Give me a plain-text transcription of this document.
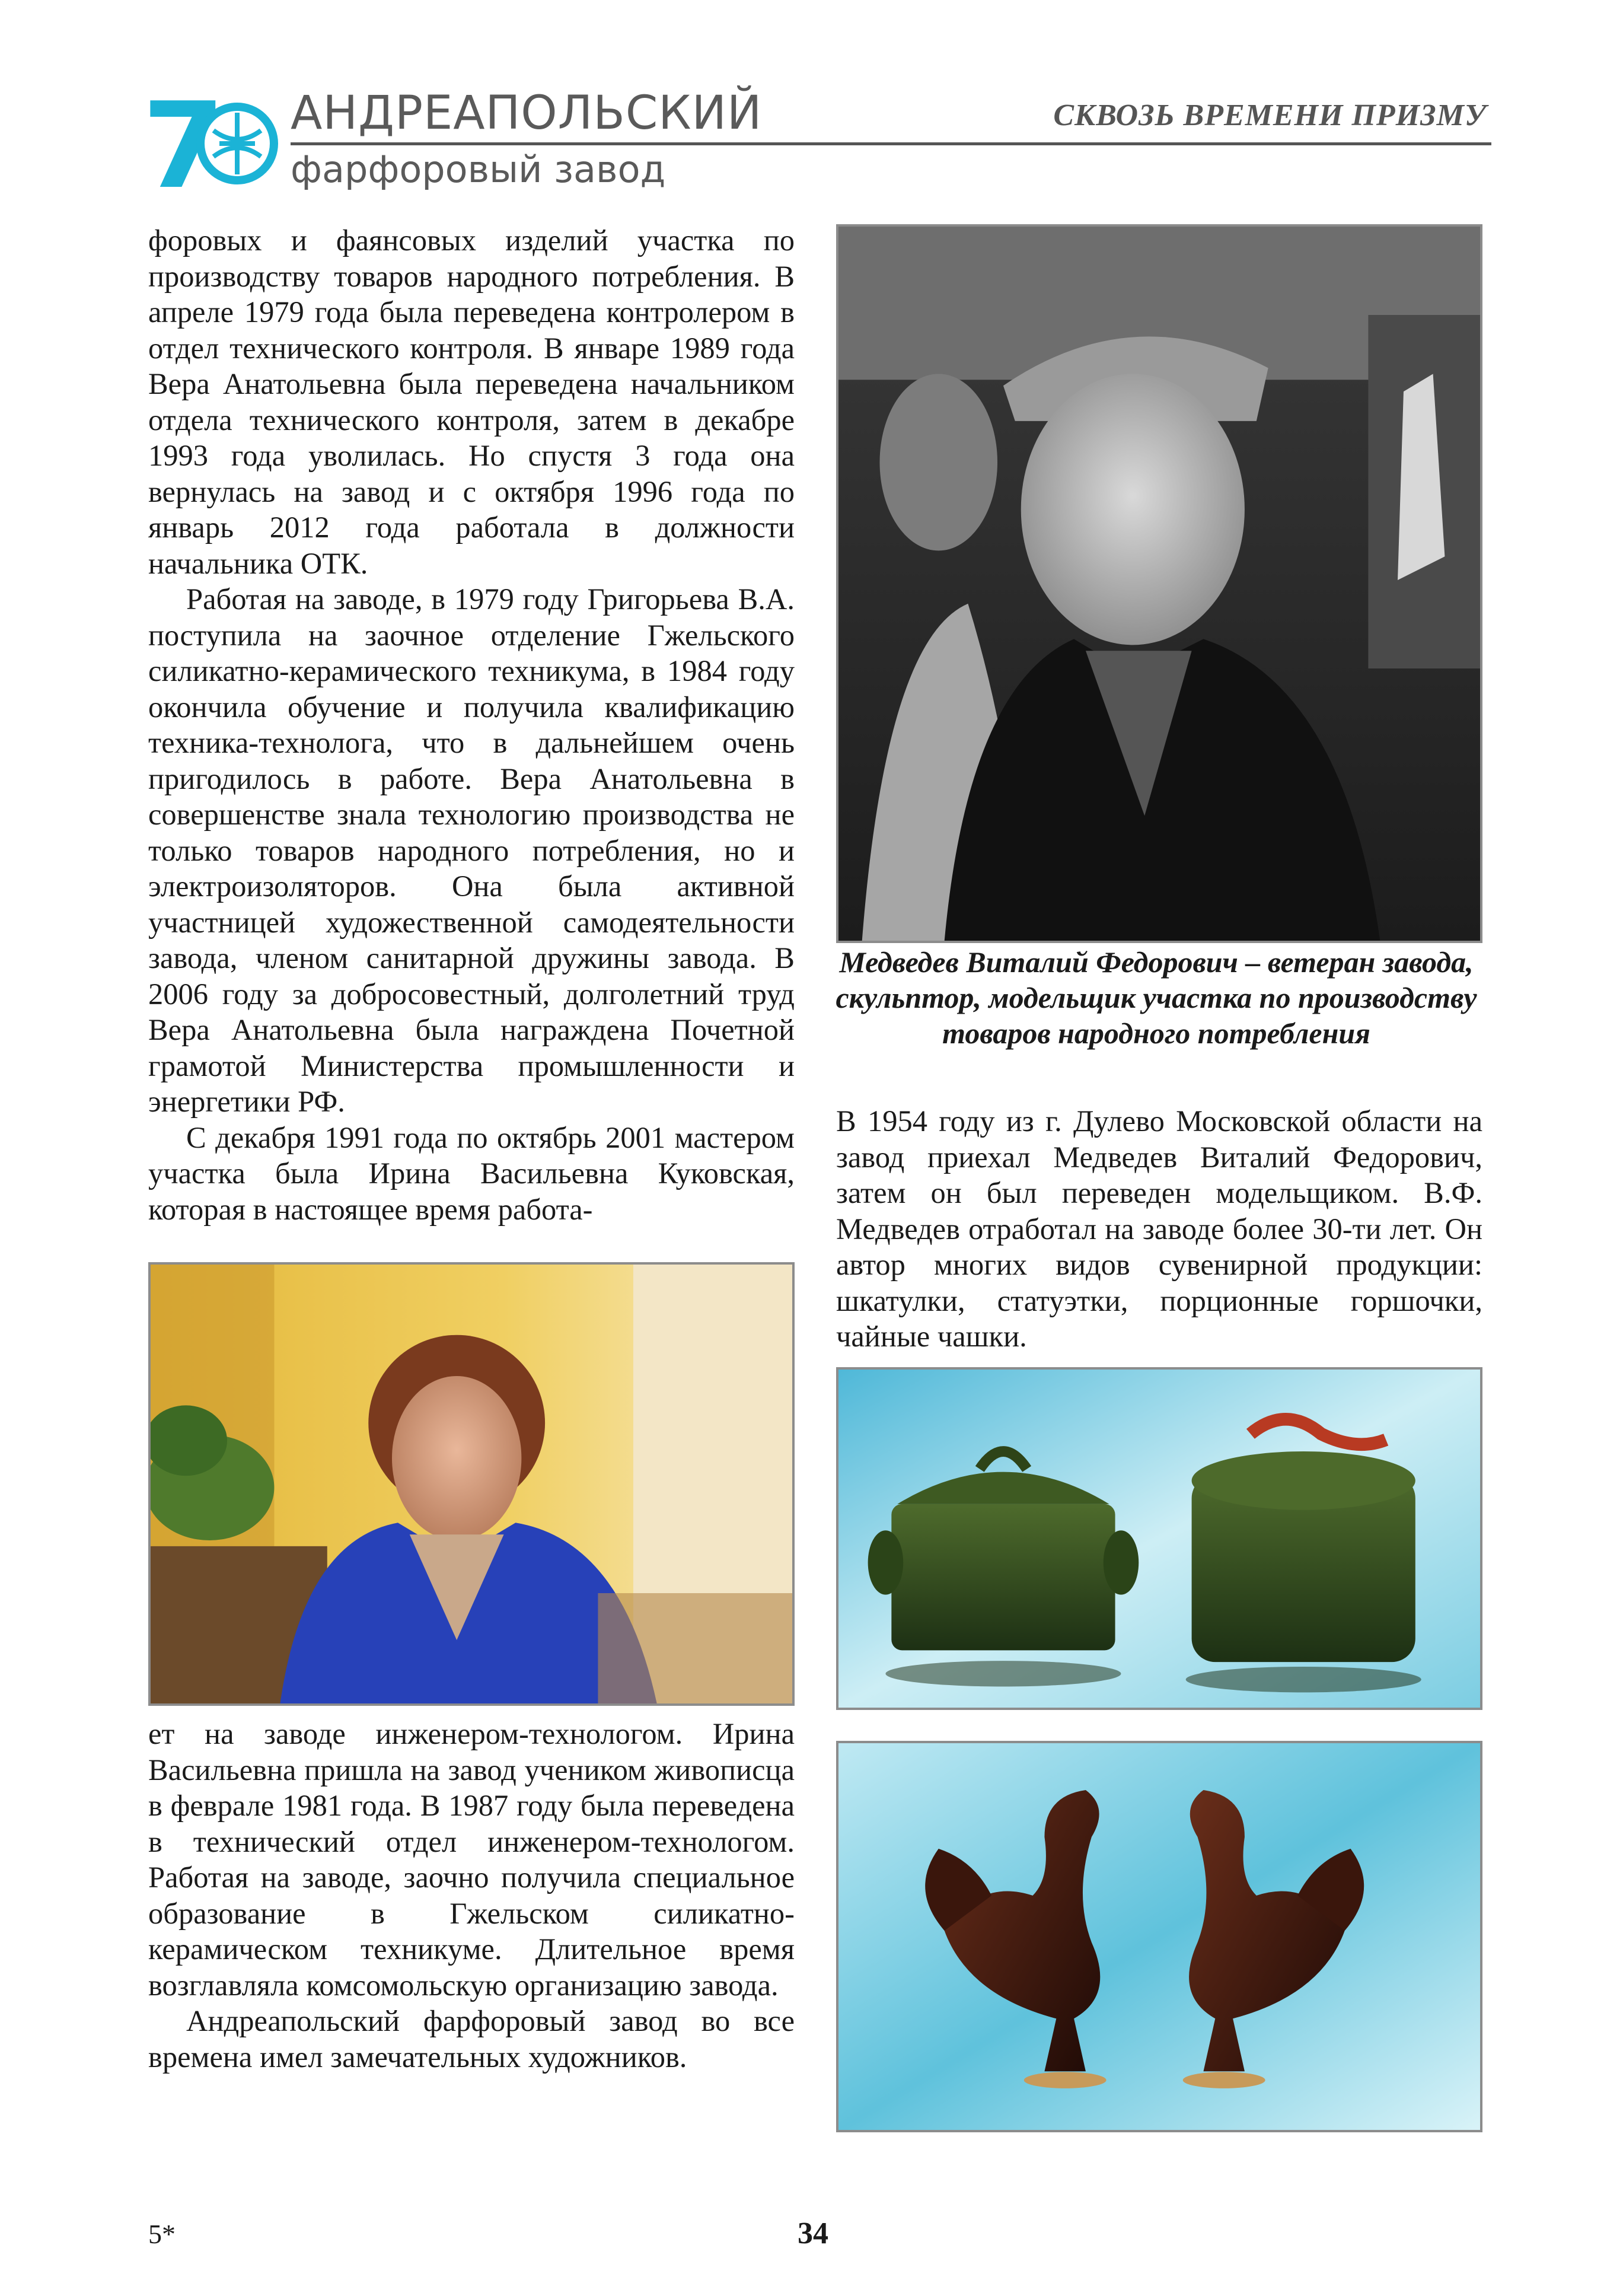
7 АНДРЕАПОЛЬСКИЙ
фарфоровый завод
СКВОЗЬ ВРЕМЕНИ ПРИЗМУ

форовых и фаянсовых изделий участка по производству товаров народного потребления. В апреле 1979 года была переведена контролером в отдел технического контроля. В январе 1989 года Вера Анатольевна была переведена начальником отдела технического контроля, затем в декабре 1993 года уволилась. Но спустя 3 года она вернулась на завод и с октября 1996 года по январь 2012 года работала в должности начальника ОТК.

Работая на заводе, в 1979 году Григорьева В.А. поступила на заочное отделение Гжельского силикатно-керамического техникума, в 1984 году окончила обучение и получила квалификацию техника-технолога, что в дальнейшем очень пригодилось в работе. Вера Анатольевна в совершенстве знала технологию производства не только товаров народного потребления, но и электроизоляторов. Она была активной участницей художественной самодеятельности завода, членом санитарной дружины завода. В 2006 году за добросовестный, долголетний труд Вера Анатольевна была награждена Почетной грамотой Министерства промышленности и энергетики РФ.

С декабря 1991 года по октябрь 2001 мастером участка была Ирина Васильевна Куковская, которая в настоящее время работа-

ет на заводе инженером-технологом. Ирина Васильевна пришла на завод учеником живописца в феврале 1981 года. В 1987 году была переведена в технический отдел инженером-технологом. Работая на заводе, заочно получила специальное образование в Гжельском силикатно-керамическом техникуме. Длительное время возглавляла комсомольскую организацию завода.

Андреапольский фарфоровый завод во все времена имел замечательных художников.

Медведев Виталий Федорович – ветеран завода, скульптор, модельщик участка по производству товаров народного потребления

В 1954 году из г. Дулево Московской области на завод приехал Медведев Виталий Федорович, затем он был переведен модельщиком. В.Ф. Медведев отработал на заводе более 30-ти лет. Он автор многих видов сувенирной продукции: шкатулки, статуэтки, порционные горшочки, чайные чашки.

5*	34
